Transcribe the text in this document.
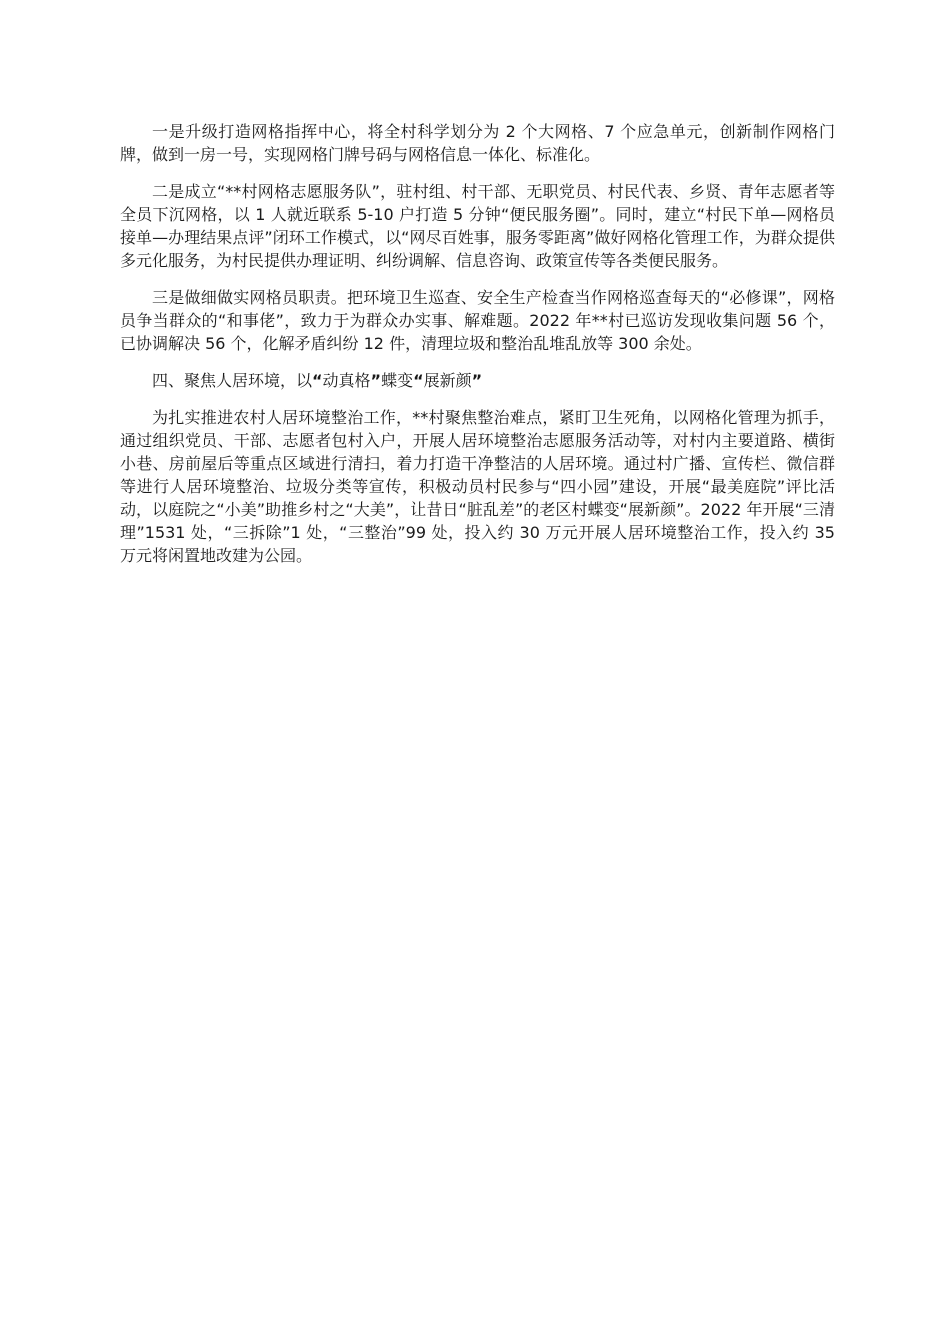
一是升级打造网格指挥中心，将全村科学划分为 2 个大网格、7 个应急单元，创新制作网格门牌，做到一房一号，实现网格门牌号码与网格信息一体化、标准化。

二是成立“**村网格志愿服务队”，驻村组、村干部、无职党员、村民代表、乡贤、青年志愿者等全员下沉网格，以 1 人就近联系 5-10 户打造 5 分钟“便民服务圈”。同时，建立“村民下单—网格员接单—办理结果点评”闭环工作模式，以“网尽百姓事，服务零距离”做好网格化管理工作，为群众提供多元化服务，为村民提供办理证明、纠纷调解、信息咨询、政策宣传等各类便民服务。

三是做细做实网格员职责。把环境卫生巡查、安全生产检查当作网格巡查每天的“必修课”，网格员争当群众的“和事佬”，致力于为群众办实事、解难题。2022 年**村已巡访发现收集问题 56 个，已协调解决 56 个，化解矛盾纠纷 12 件，清理垃圾和整治乱堆乱放等 300 余处。

四、聚焦人居环境，以“动真格”蝶变“展新颜”

为扎实推进农村人居环境整治工作，**村聚焦整治难点，紧盯卫生死角，以网格化管理为抓手，通过组织党员、干部、志愿者包村入户，开展人居环境整治志愿服务活动等，对村内主要道路、横街小巷、房前屋后等重点区域进行清扫，着力打造干净整洁的人居环境。通过村广播、宣传栏、微信群等进行人居环境整治、垃圾分类等宣传，积极动员村民参与“四小园”建设，开展“最美庭院”评比活动，以庭院之“小美”助推乡村之“大美”，让昔日“脏乱差”的老区村蝶变“展新颜”。2022 年开展“三清理”1531 处，“三拆除”1 处，“三整治”99 处，投入约 30 万元开展人居环境整治工作，投入约 35 万元将闲置地改建为公园。
